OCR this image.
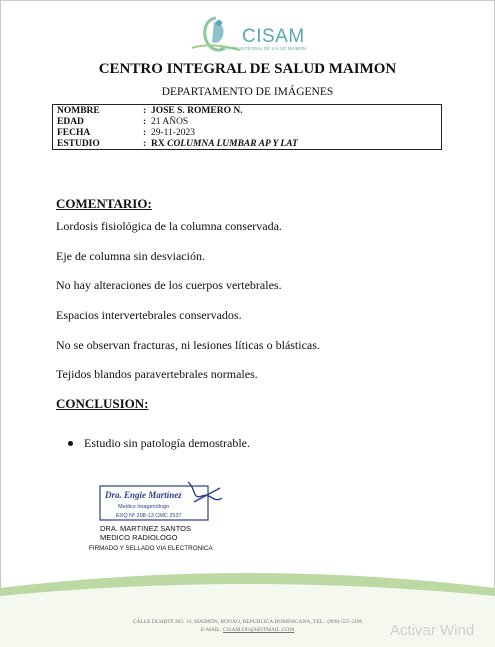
CISAM
CENTRO INTEGRAL DE SALUD MAIMON
CENTRO INTEGRAL DE SALUD MAIMON
DEPARTAMENTO DE IMÁGENES
NOMBRE	: JOSE S. ROMERO N.
EDAD	: 21 AÑOS
FECHA	: 29-11-2023
ESTUDIO	: RX COLUMNA LUMBAR AP Y LAT
COMENTARIO:
Lordosis fisiológica de la columna conservada.
Eje de columna sin desviación.
No hay alteraciones de los cuerpos vertebrales.
Espacios intervertebrales conservados.
No se observan fracturas, ni lesiones líticas o blásticas.
Tejidos blandos paravertebrales normales.
CONCLUSION:
Estudio sin patología demostrable.
Dra. Engie Martínez
Medico Imagenólogo
EXQ Nº 208-13 CMC 2537
DRA. MARTINEZ SANTOS
MEDICO RADIOLOGO
FIRMADO Y SELLADO VIA ELECTRONICA
CALLE DUARTE NO. 13, MAIMÓN, BONAO, REPUBLICA DOMINICANA, TEL.: (809)-525-2196
E-MAIL: CISAM.DO@HOTMAIL.COM	Activar Wind
